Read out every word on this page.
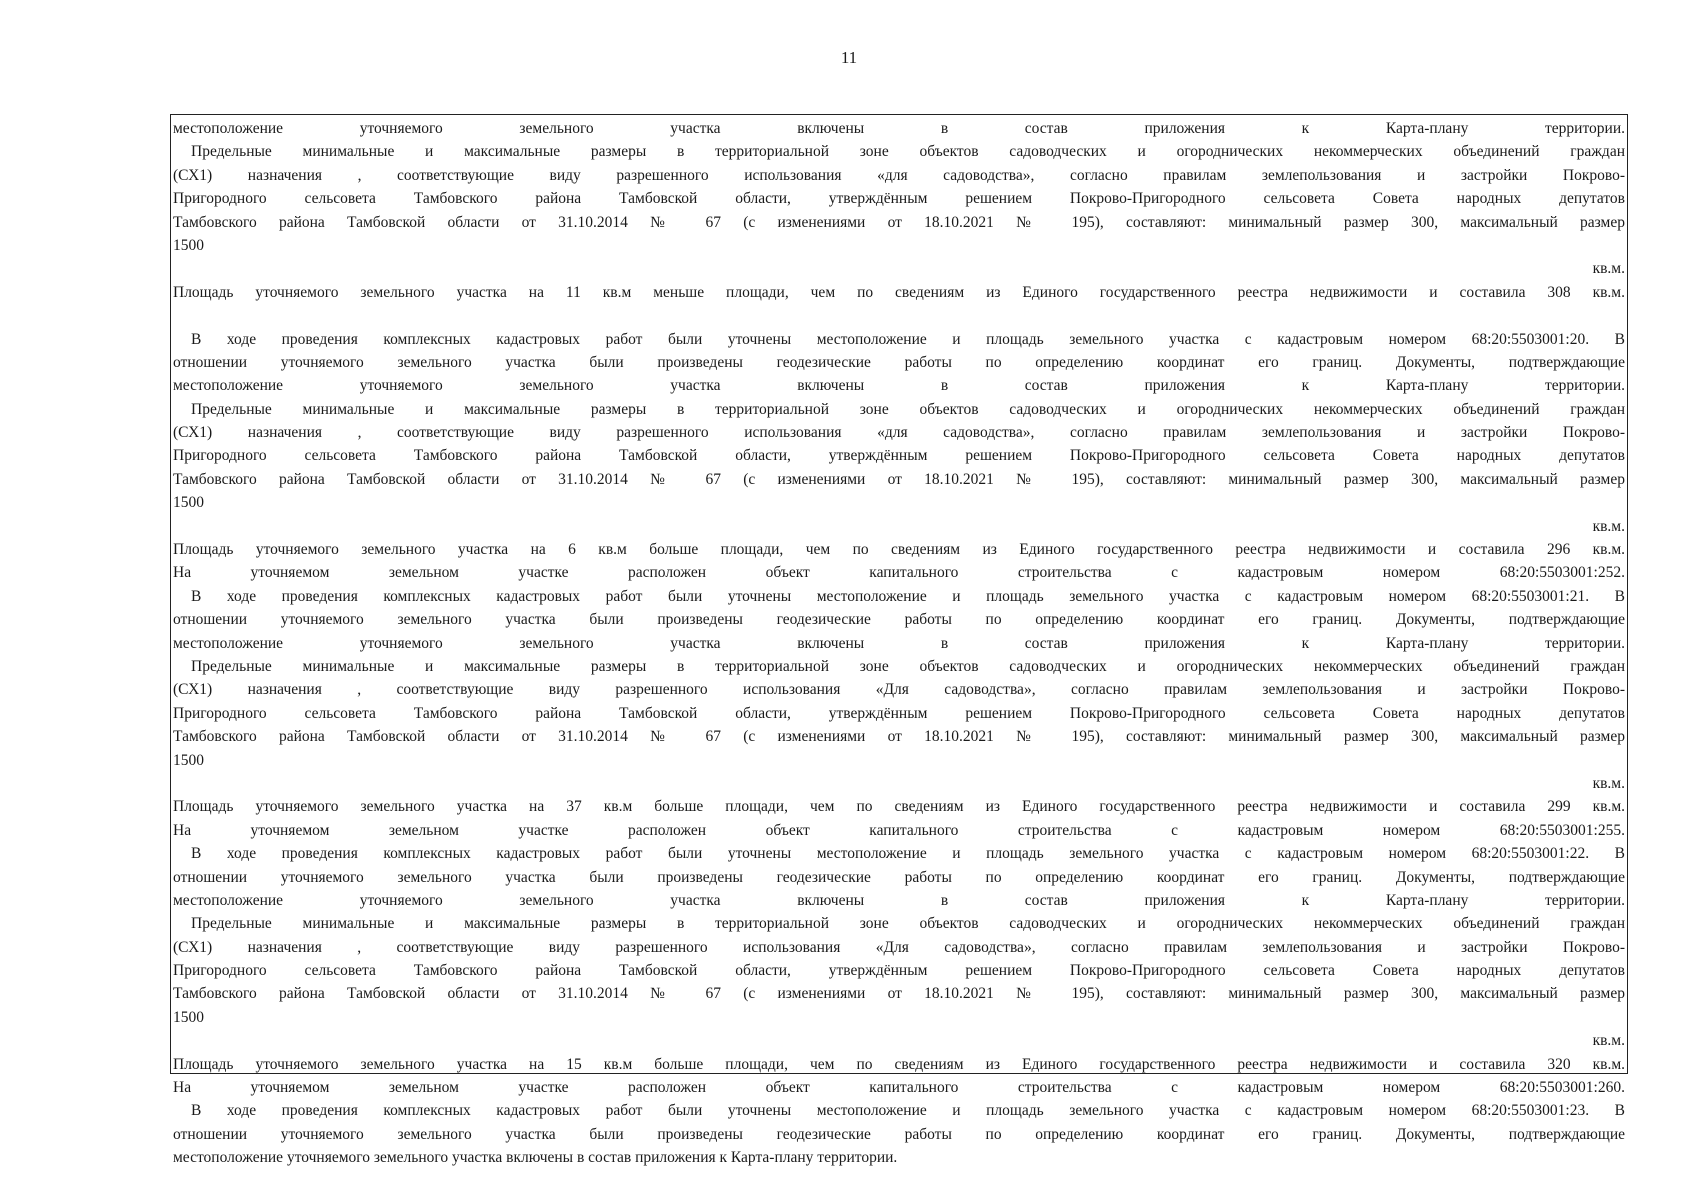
11
местоположение уточняемого земельного участка включены в состав приложения к Карта-плану территории.
Предельные минимальные и максимальные размеры в территориальной зоне объектов садоводческих и огороднических некоммерческих объединений граждан
(СХ1) назначения , соответствующие виду разрешенного использования «для садоводства», согласно правилам землепользования и застройки Покрово-
Пригородного сельсовета Тамбовского района Тамбовской области, утверждённым решением Покрово-Пригородного сельсовета Совета народных депутатов
Тамбовского района Тамбовской области от 31.10.2014 № 67 (с изменениями от 18.10.2021 № 195), составляют: минимальный размер 300, максимальный размер
1500
кв.м.
Площадь уточняемого земельного участка на 11 кв.м меньше площади, чем по сведениям из Единого государственного реестра недвижимости и составила 308 кв.м.
В ходе проведения комплексных кадастровых работ были уточнены местоположение и площадь земельного участка с кадастровым номером 68:20:5503001:20. В
отношении уточняемого земельного участка были произведены геодезические работы по определению координат его границ. Документы, подтверждающие
местоположение уточняемого земельного участка включены в состав приложения к Карта-плану территории.
Предельные минимальные и максимальные размеры в территориальной зоне объектов садоводческих и огороднических некоммерческих объединений граждан
(СХ1) назначения , соответствующие виду разрешенного использования «для садоводства», согласно правилам землепользования и застройки Покрово-
Пригородного сельсовета Тамбовского района Тамбовской области, утверждённым решением Покрово-Пригородного сельсовета Совета народных депутатов
Тамбовского района Тамбовской области от 31.10.2014 № 67 (с изменениями от 18.10.2021 № 195), составляют: минимальный размер 300, максимальный размер
1500
кв.м.
Площадь уточняемого земельного участка на 6 кв.м больше площади, чем по сведениям из Единого государственного реестра недвижимости и составила 296 кв.м.
На уточняемом земельном участке расположен объект капитального строительства с кадастровым номером 68:20:5503001:252.
В ходе проведения комплексных кадастровых работ были уточнены местоположение и площадь земельного участка с кадастровым номером 68:20:5503001:21. В
отношении уточняемого земельного участка были произведены геодезические работы по определению координат его границ. Документы, подтверждающие
местоположение уточняемого земельного участка включены в состав приложения к Карта-плану территории.
Предельные минимальные и максимальные размеры в территориальной зоне объектов садоводческих и огороднических некоммерческих объединений граждан
(СХ1) назначения , соответствующие виду разрешенного использования «Для садоводства», согласно правилам землепользования и застройки Покрово-
Пригородного сельсовета Тамбовского района Тамбовской области, утверждённым решением Покрово-Пригородного сельсовета Совета народных депутатов
Тамбовского района Тамбовской области от 31.10.2014 № 67 (с изменениями от 18.10.2021 № 195), составляют: минимальный размер 300, максимальный размер
1500
кв.м.
Площадь уточняемого земельного участка на 37 кв.м больше площади, чем по сведениям из Единого государственного реестра недвижимости и составила 299 кв.м.
На уточняемом земельном участке расположен объект капитального строительства с кадастровым номером 68:20:5503001:255.
В ходе проведения комплексных кадастровых работ были уточнены местоположение и площадь земельного участка с кадастровым номером 68:20:5503001:22. В
отношении уточняемого земельного участка были произведены геодезические работы по определению координат его границ. Документы, подтверждающие
местоположение уточняемого земельного участка включены в состав приложения к Карта-плану территории.
Предельные минимальные и максимальные размеры в территориальной зоне объектов садоводческих и огороднических некоммерческих объединений граждан
(СХ1) назначения , соответствующие виду разрешенного использования «Для садоводства», согласно правилам землепользования и застройки Покрово-
Пригородного сельсовета Тамбовского района Тамбовской области, утверждённым решением Покрово-Пригородного сельсовета Совета народных депутатов
Тамбовского района Тамбовской области от 31.10.2014 № 67 (с изменениями от 18.10.2021 № 195), составляют: минимальный размер 300, максимальный размер
1500
кв.м.
Площадь уточняемого земельного участка на 15 кв.м больше площади, чем по сведениям из Единого государственного реестра недвижимости и составила 320 кв.м.
На уточняемом земельном участке расположен объект капитального строительства с кадастровым номером 68:20:5503001:260.
В ходе проведения комплексных кадастровых работ были уточнены местоположение и площадь земельного участка с кадастровым номером 68:20:5503001:23. В
отношении уточняемого земельного участка были произведены геодезические работы по определению координат его границ. Документы, подтверждающие
местоположение уточняемого земельного участка включены в состав приложения к Карта-плану территории.
